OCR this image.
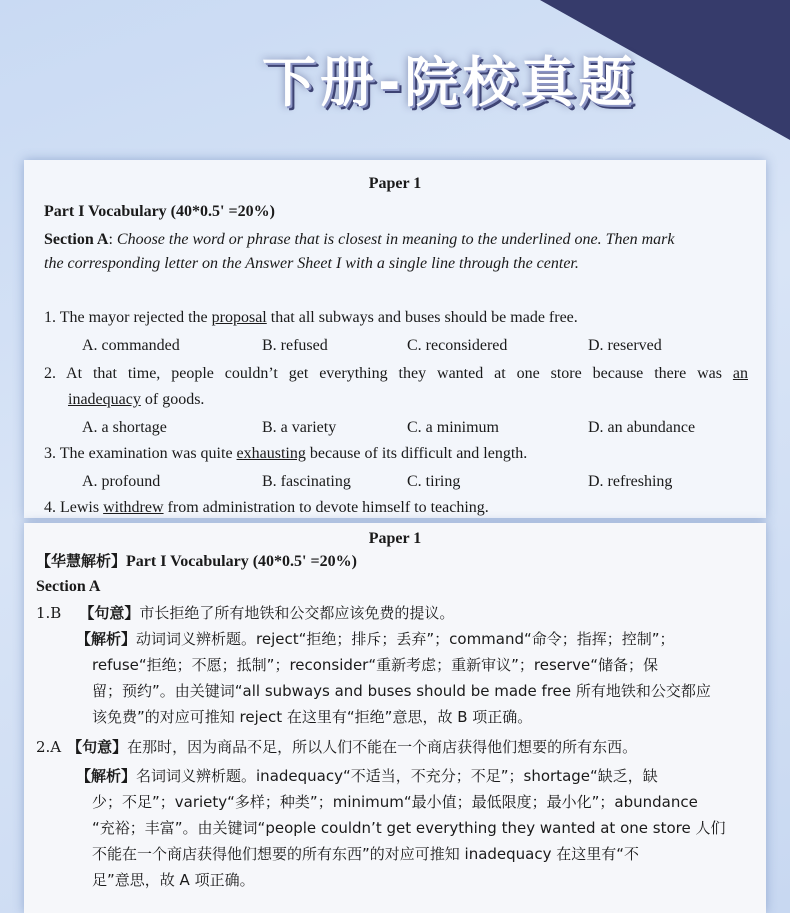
下册-院校真题
Paper 1
Part I Vocabulary (40*0.5' =20%)
Section A: Choose the word or phrase that is closest in meaning to the underlined one. Then mark
the corresponding letter on the Answer Sheet I with a single line through the center.
1. The mayor rejected the proposal that all subways and buses should be made free.
A. commanded	B. refused	C. reconsidered	D. reserved
2. At that time, people couldn’t get everything they wanted at one store because there was an
inadequacy of goods.
A. a shortage	B. a variety	C. a minimum	D. an abundance
3. The examination was quite exhausting because of its difficult and length.
A. profound	B. fascinating	C. tiring	D. refreshing
4. Lewis withdrew from administration to devote himself to teaching.
Paper 1
【华慧解析】Part I Vocabulary (40*0.5' =20%)
Section A
1.B 【句意】市长拒绝了所有地铁和公交都应该免费的提议。
【解析】动词词义辨析题。reject“拒绝；排斥；丢弃”；command“命令；指挥；控制”；
refuse“拒绝；不愿；抵制”；reconsider“重新考虑；重新审议”；reserve“储备；保
留；预约”。由关键词“all subways and buses should be made free 所有地铁和公交都应
该免费”的对应可推知 reject 在这里有“拒绝”意思，故 B 项正确。
2.A 【句意】在那时，因为商品不足，所以人们不能在一个商店获得他们想要的所有东西。
【解析】名词词义辨析题。inadequacy“不适当，不充分；不足”；shortage“缺乏，缺
少；不足”；variety“多样；种类”；minimum“最小值；最低限度；最小化”；abundance
“充裕；丰富”。由关键词“people couldn’t get everything they wanted at one store 人们
不能在一个商店获得他们想要的所有东西”的对应可推知 inadequacy 在这里有“不
足”意思，故 A 项正确。
